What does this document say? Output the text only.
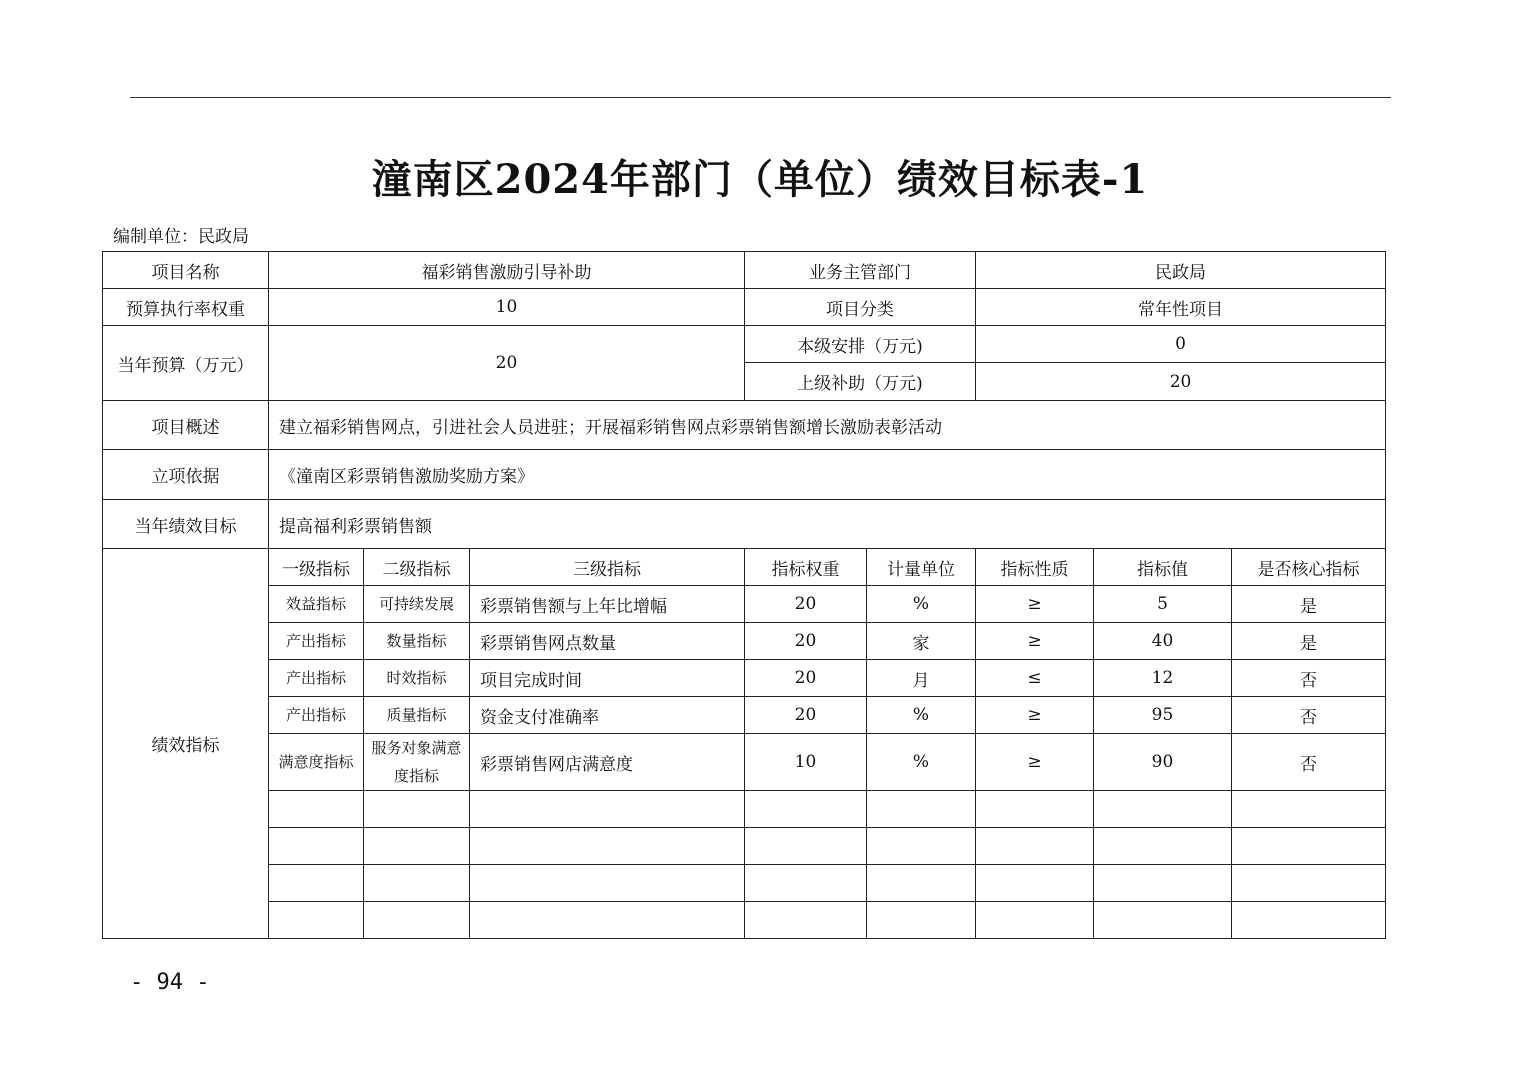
潼南区2024年部门（单位）绩效目标表-1
编制单位：民政局
项目名称	福彩销售激励引导补助			业务主管部门		民政局		
预算执行率权重	10			项目分类		常年性项目		
当年预算（万元）	20			本级安排（万元)		0		
				上级补助（万元)		20		
项目概述	建立福彩销售网点，引进社会人员进驻；开展福彩销售网点彩票销售额增长激励表彰活动							
立项依据	《潼南区彩票销售激励奖励方案》							
当年绩效目标	提高福利彩票销售额							
绩效指标	一级指标	二级指标	三级指标	指标权重	计量单位	指标性质	指标值	是否核心指标
	效益指标	可持续发展	彩票销售额与上年比增幅	20	%	≥	5	是
	产出指标	数量指标	彩票销售网点数量	20	家	≥	40	是
	产出指标	时效指标	项目完成时间	20	月	≤	12	否
	产出指标	质量指标	资金支付准确率	20	%	≥	95	否
	满意度指标	服务对象满意度指标	彩票销售网店满意度	10	%	≥	90	否

- 94 -
